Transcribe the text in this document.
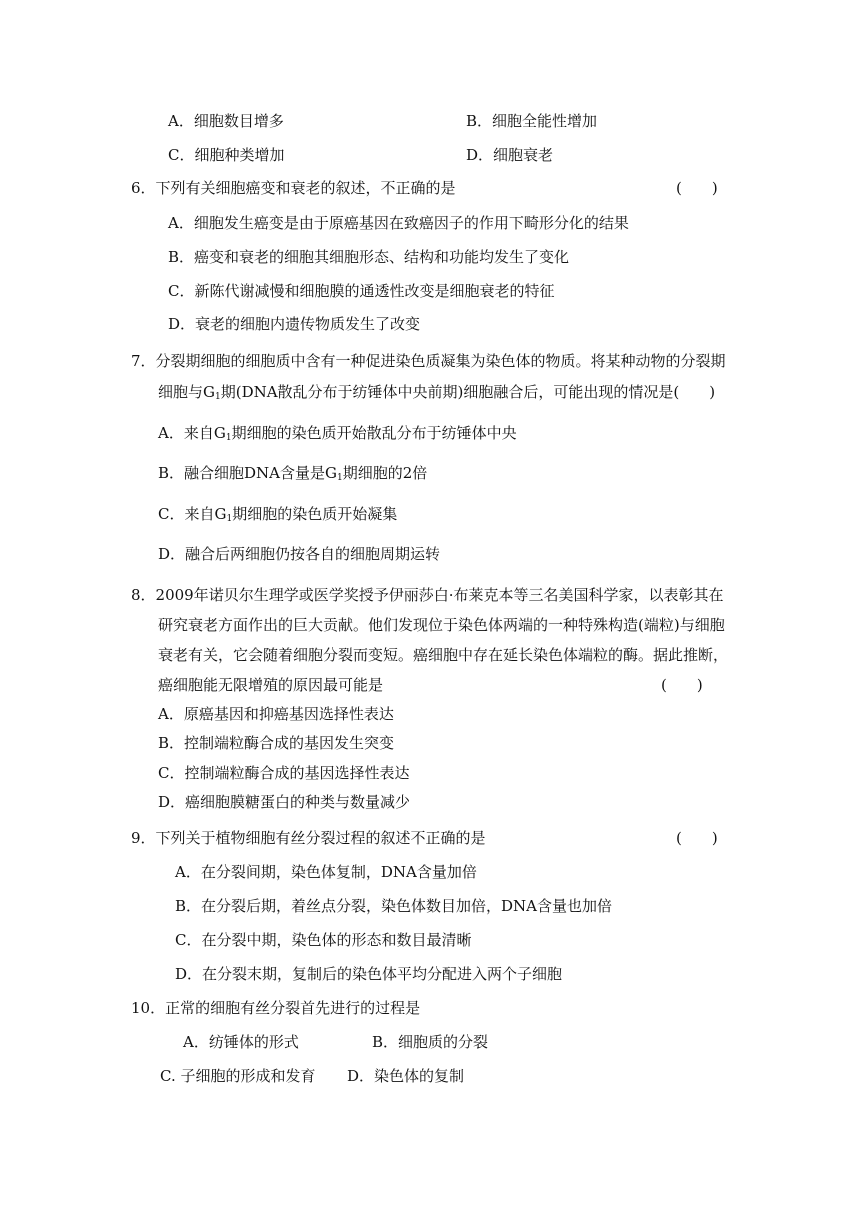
A．细胞数目增多	B．细胞全能性增加
C．细胞种类增加	D．细胞衰老
6．下列有关细胞癌变和衰老的叙述，不正确的是	(　　)
A．细胞发生癌变是由于原癌基因在致癌因子的作用下畸形分化的结果
B．癌变和衰老的细胞其细胞形态、结构和功能均发生了变化
C．新陈代谢减慢和细胞膜的通透性改变是细胞衰老的特征
D．衰老的细胞内遗传物质发生了改变
7．分裂期细胞的细胞质中含有一种促进染色质凝集为染色体的物质。将某种动物的分裂期
细胞与$G_1$期(DNA散乱分布于纺锤体中央前期)细胞融合后，可能出现的情况是(　　)
A．来自$G_1$期细胞的染色质开始散乱分布于纺锤体中央
B．融合细胞DNA含量是$G_1$期细胞的2倍
C．来自$G_1$期细胞的染色质开始凝集
D．融合后两细胞仍按各自的细胞周期运转
8．2009年诺贝尔生理学或医学奖授予伊丽莎白·布莱克本等三名美国科学家，以表彰其在
研究衰老方面作出的巨大贡献。他们发现位于染色体两端的一种特殊构造(端粒)与细胞
衰老有关，它会随着细胞分裂而变短。癌细胞中存在延长染色体端粒的酶。据此推断，
癌细胞能无限增殖的原因最可能是	(　　)
A．原癌基因和抑癌基因选择性表达
B．控制端粒酶合成的基因发生突变
C．控制端粒酶合成的基因选择性表达
D．癌细胞膜糖蛋白的种类与数量减少
9．下列关于植物细胞有丝分裂过程的叙述不正确的是	(　　)
A．在分裂间期，染色体复制，DNA含量加倍
B．在分裂后期，着丝点分裂，染色体数目加倍，DNA含量也加倍
C．在分裂中期，染色体的形态和数目最清晰
D．在分裂末期，复制后的染色体平均分配进入两个子细胞
10．正常的细胞有丝分裂首先进行的过程是
A．纺锤体的形式	B．细胞质的分裂
C. 子细胞的形成和发育 D．染色体的复制
